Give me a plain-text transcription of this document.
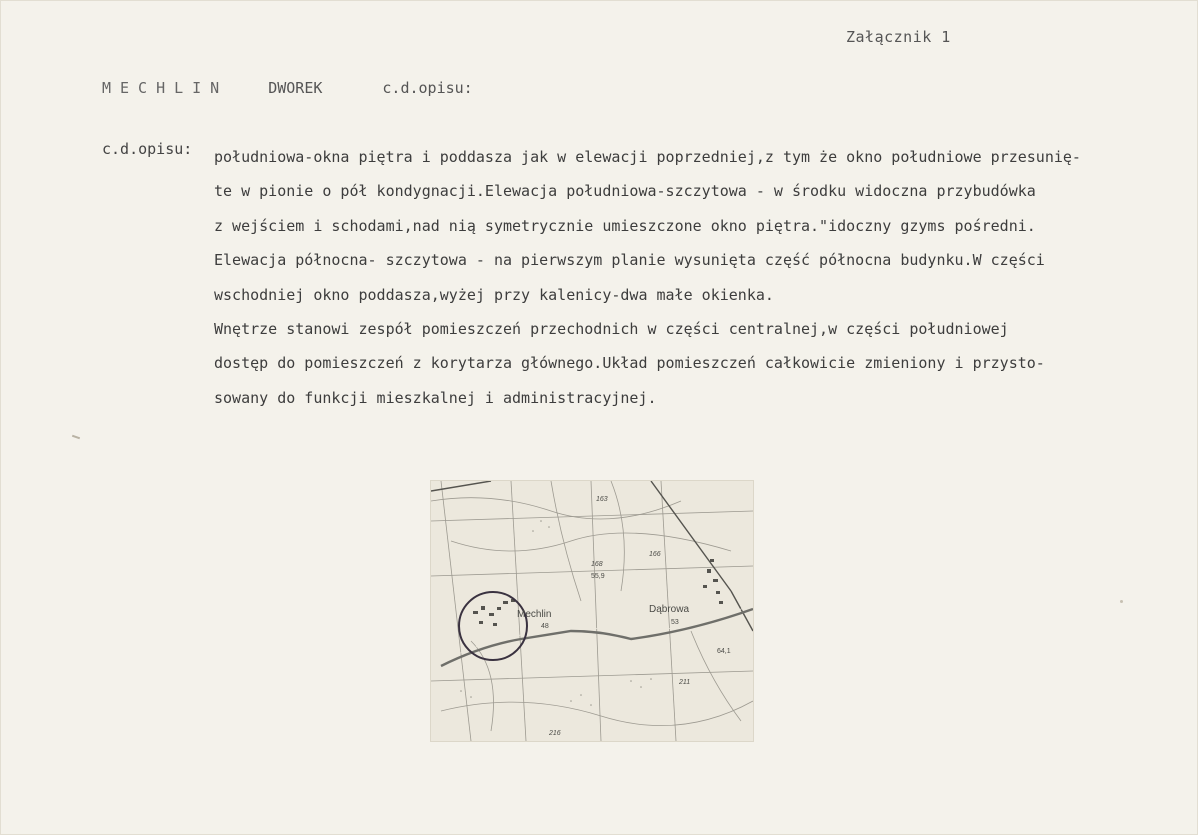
Załącznik 1
MECHLIN	DWOREK	c.d.opisu:
c.d.opisu: południowa-okna piętra i poddasza jak w elewacji poprzedniej,z tym że okno południowe przesunię-
te w pionie o pół kondygnacji.Elewacja południowa-szczytowa - w środku widoczna przybudówka
z wejściem i schodami,nad nią symetrycznie umieszczone okno piętra."idoczny gzyms pośredni.
Elewacja północna- szczytowa - na pierwszym planie wysunięta część północna budynku.W części
wschodniej okno poddasza,wyżej przy kalenicy-dwa małe okienka.
Wnętrze stanowi zespół pomieszczeń przechodnich w części centralnej,w części południowej
dostęp do pomieszczeń z korytarza głównego.Układ pomieszczeń całkowicie zmieniony i przysto-
sowany do funkcji mieszkalnej i administracyjnej.
Mechlin
48
Dąbrowa
53
168
55,9
163
166
64,1
211
216
